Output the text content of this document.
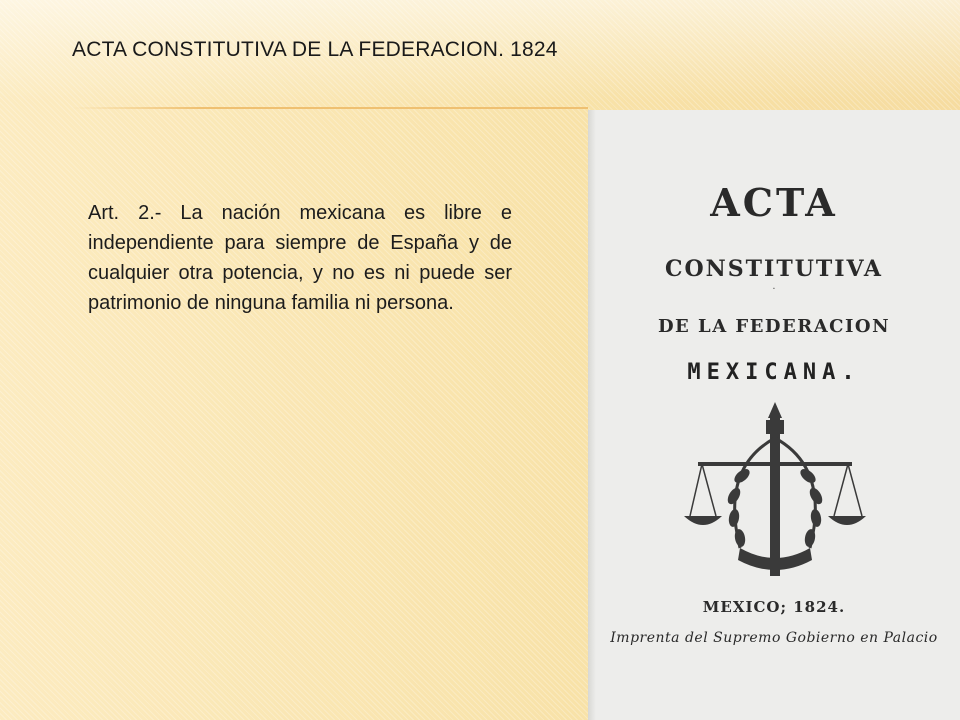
ACTA CONSTITUTIVA DE LA FEDERACION. 1824
Art. 2.- La nación mexicana es libre e independiente para siempre de España y de cualquier otra potencia, y no es ni puede ser patrimonio de ninguna familia ni persona.
ACTA
CONSTITUTIVA
·
DE LA FEDERACION
MEXICANA.
MEXICO; 1824.
Imprenta del Supremo Gobierno en Palacio
